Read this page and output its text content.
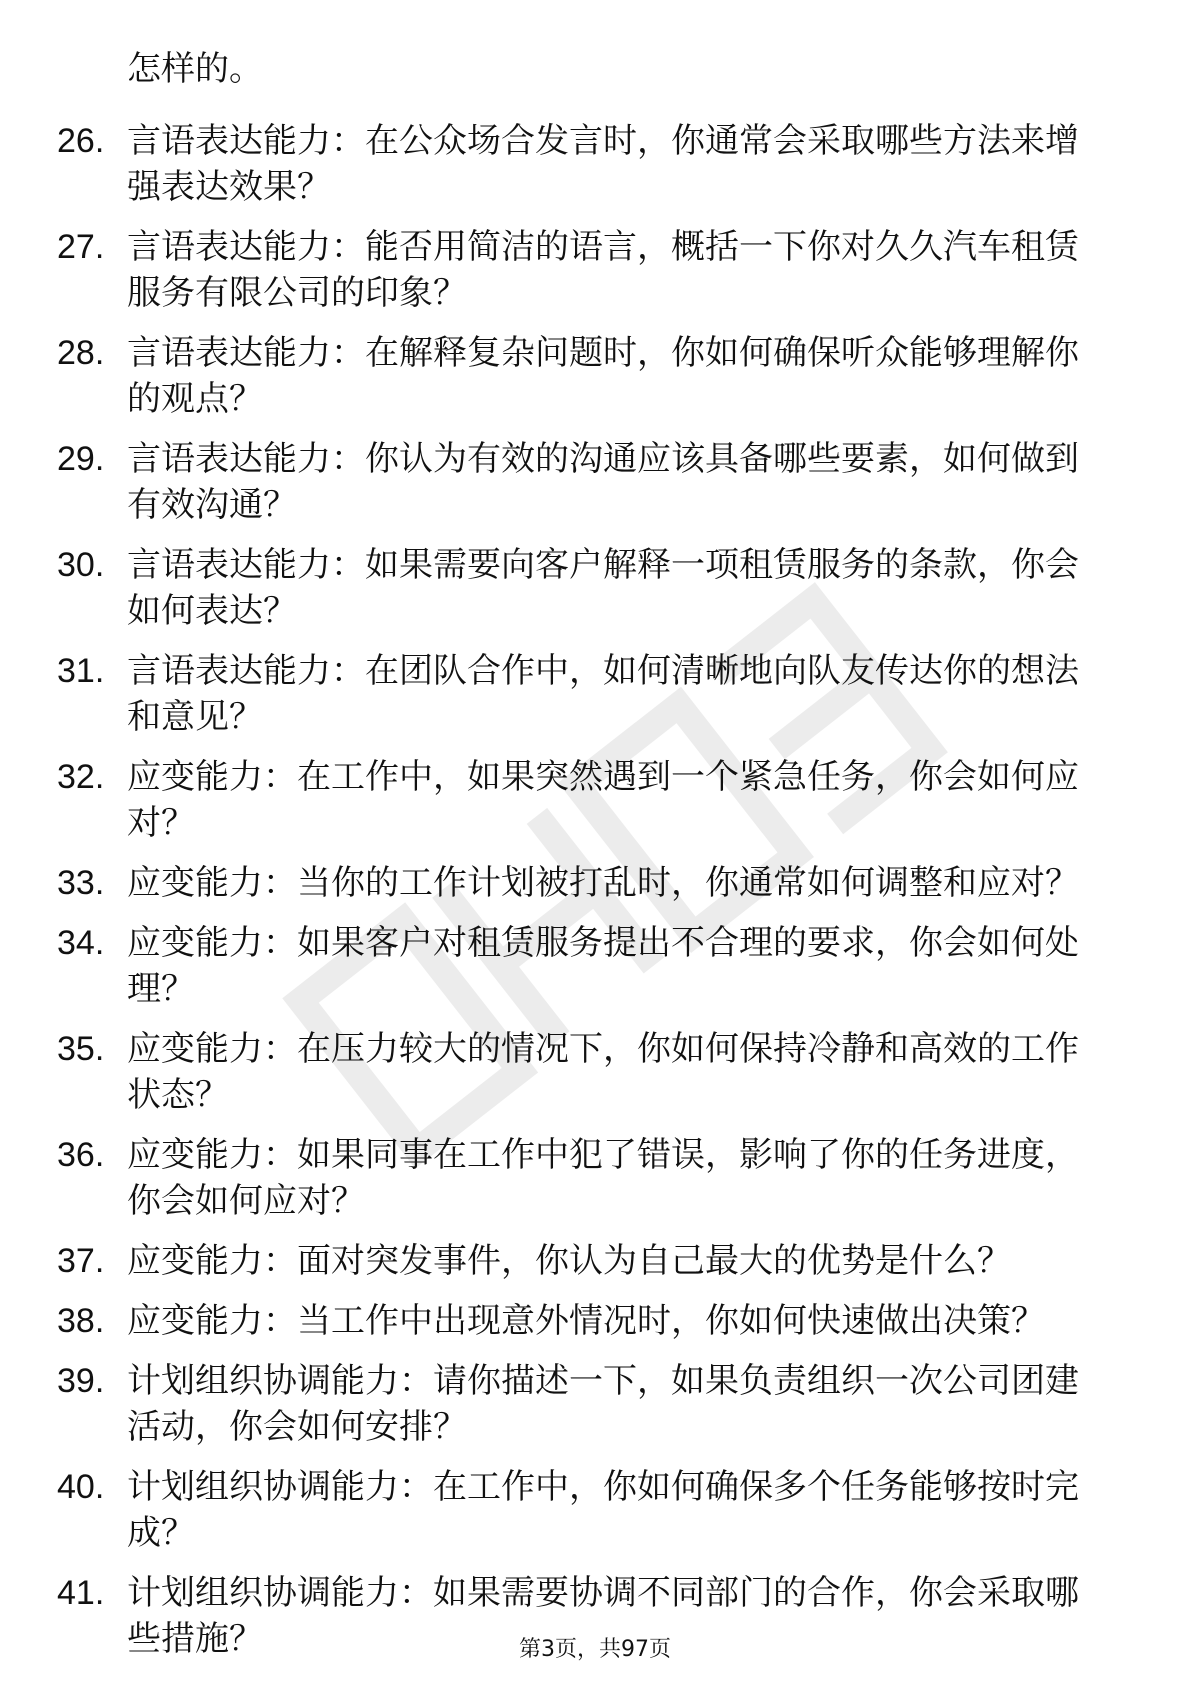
怎样的。
26. 言语表达能力：在公众场合发言时，你通常会采取哪些方法来增强表达效果？
27. 言语表达能力：能否用简洁的语言，概括一下你对久久汽车租赁服务有限公司的印象？
28. 言语表达能力：在解释复杂问题时，你如何确保听众能够理解你的观点？
29. 言语表达能力：你认为有效的沟通应该具备哪些要素，如何做到有效沟通？
30. 言语表达能力：如果需要向客户解释一项租赁服务的条款，你会如何表达？
31. 言语表达能力：在团队合作中，如何清晰地向队友传达你的想法和意见？
32. 应变能力：在工作中，如果突然遇到一个紧急任务，你会如何应对？
33. 应变能力：当你的工作计划被打乱时，你通常如何调整和应对？
34. 应变能力：如果客户对租赁服务提出不合理的要求，你会如何处理？
35. 应变能力：在压力较大的情况下，你如何保持冷静和高效的工作状态？
36. 应变能力：如果同事在工作中犯了错误，影响了你的任务进度，你会如何应对？
37. 应变能力：面对突发事件，你认为自己最大的优势是什么？
38. 应变能力：当工作中出现意外情况时，你如何快速做出决策？
39. 计划组织协调能力：请你描述一下，如果负责组织一次公司团建活动，你会如何安排？
40. 计划组织协调能力：在工作中，你如何确保多个任务能够按时完成？
41. 计划组织协调能力：如果需要协调不同部门的合作，你会采取哪些措施？	第3页，共97页
